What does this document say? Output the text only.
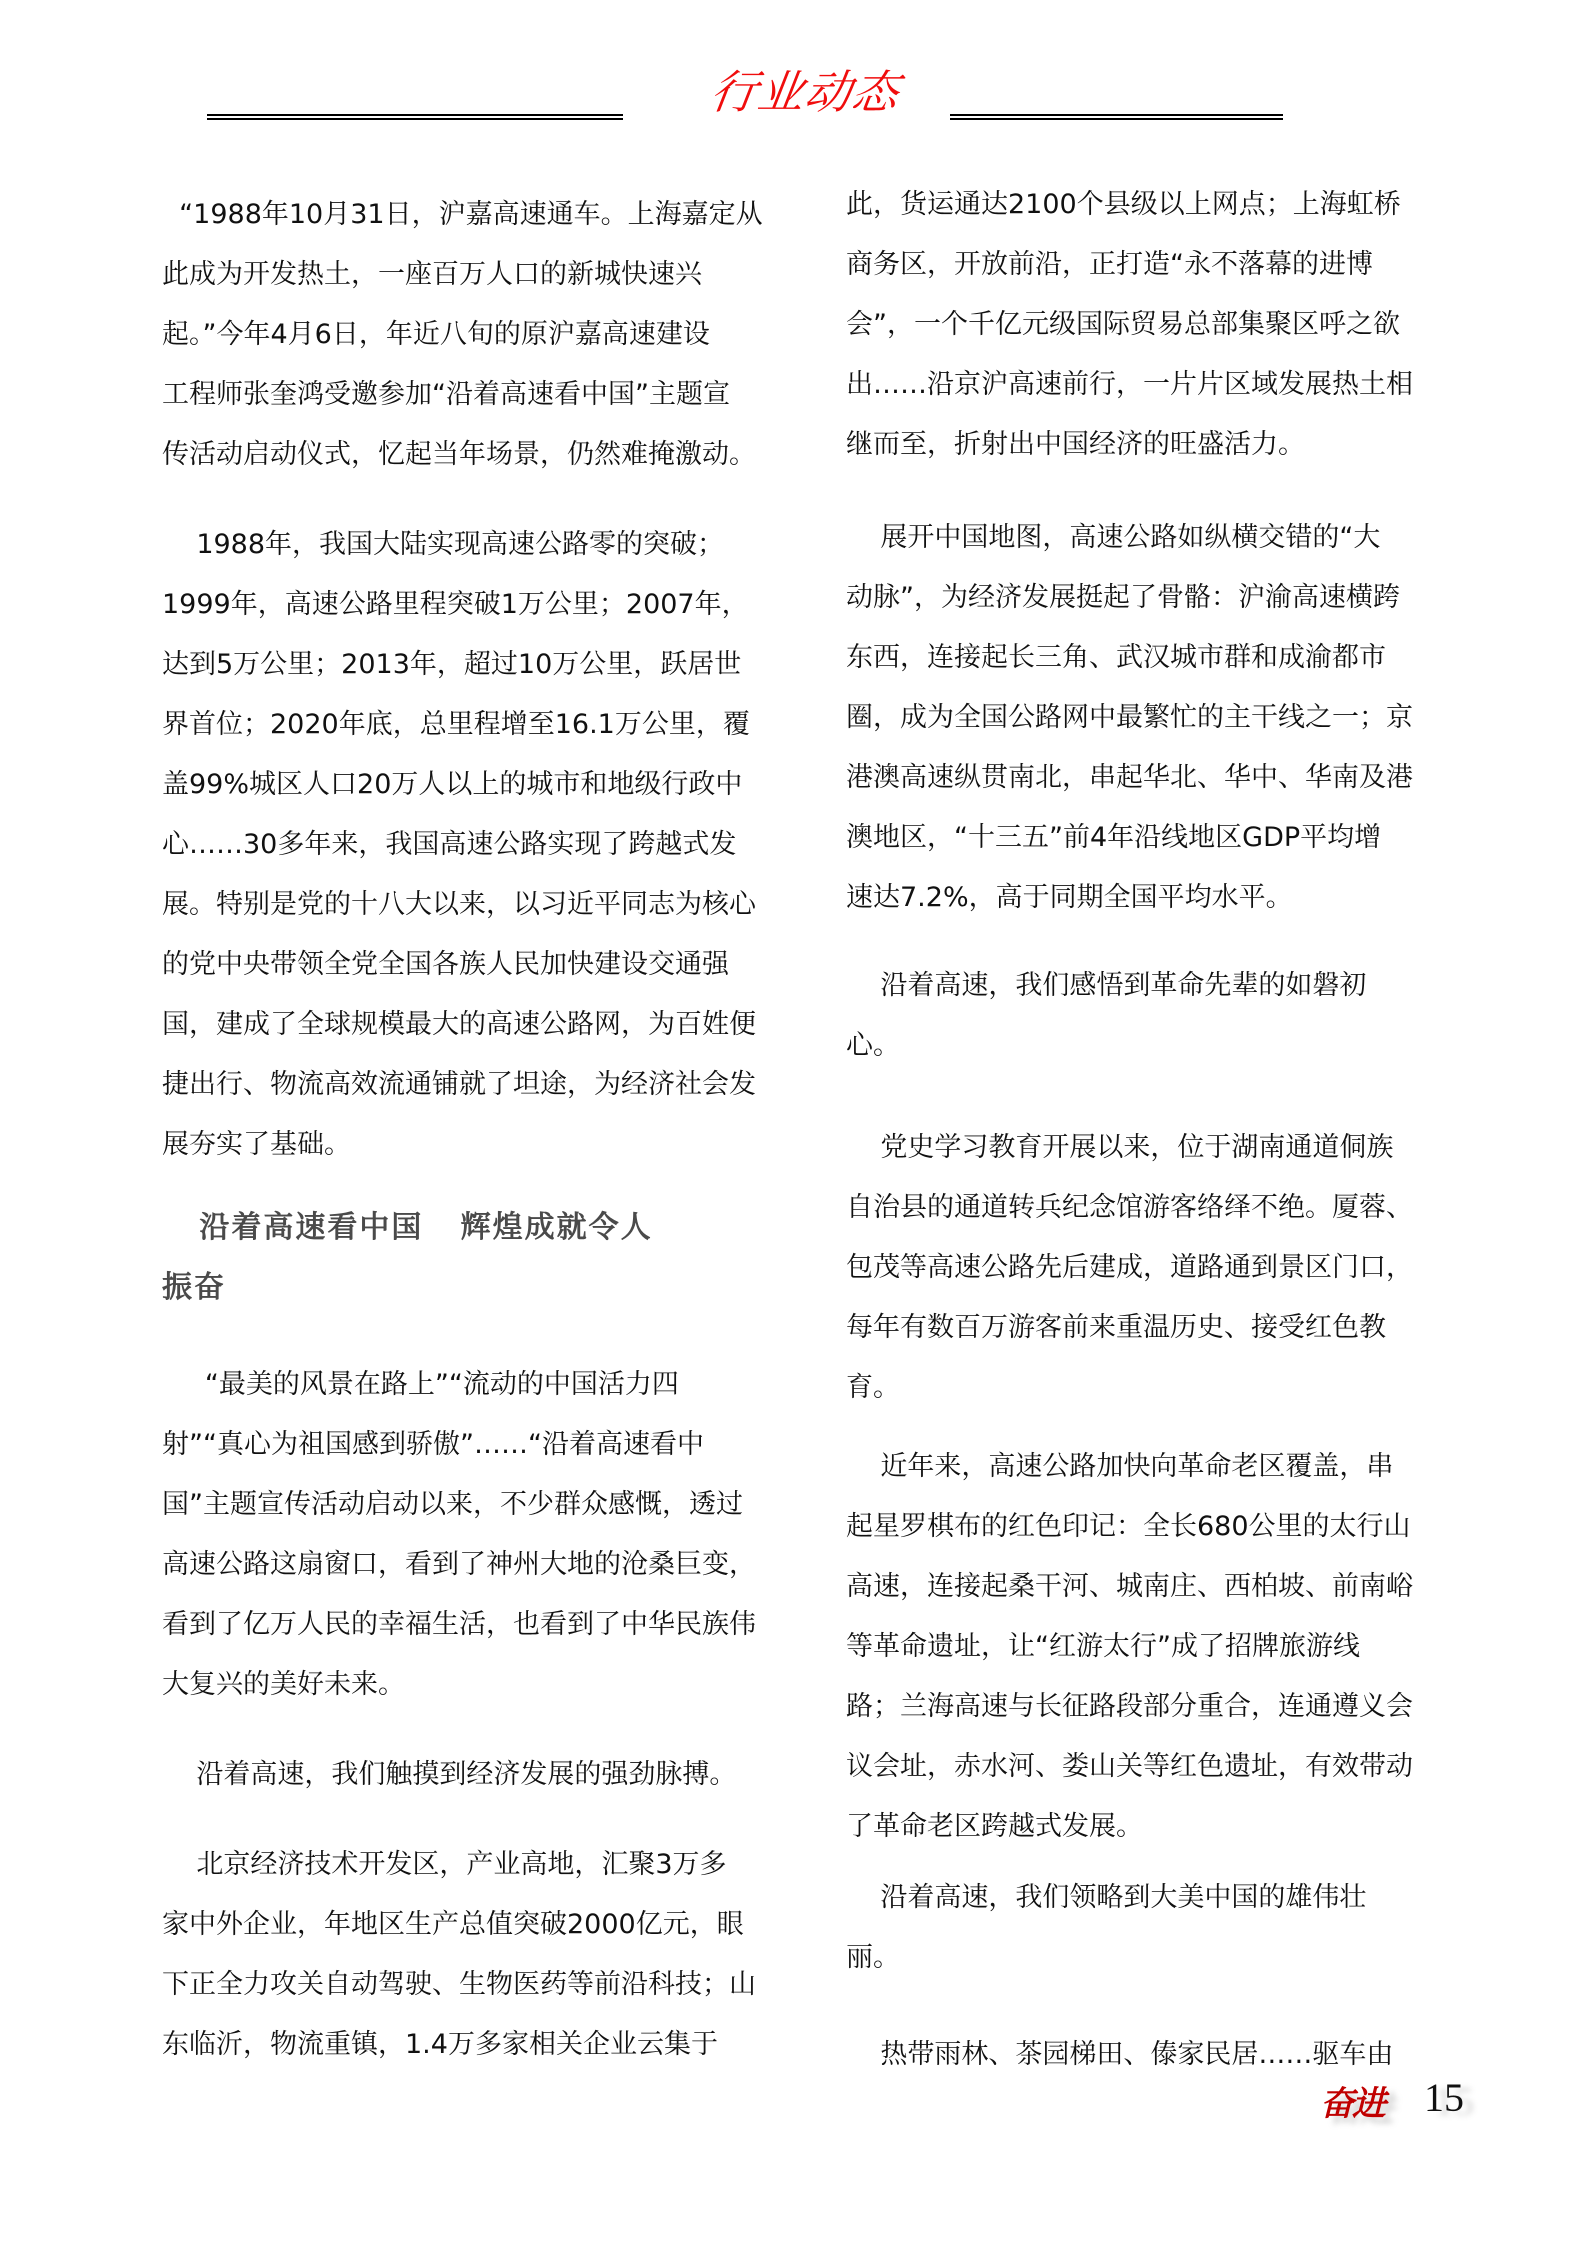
行业动态
“1988年10月31日，沪嘉高速通车。上海嘉定从
此成为开发热土，一座百万人口的新城快速兴
起。”今年4月6日，年近八旬的原沪嘉高速建设
工程师张奎鸿受邀参加“沿着高速看中国”主题宣
传活动启动仪式，忆起当年场景，仍然难掩激动。
1988年，我国大陆实现高速公路零的突破；
1999年，高速公路里程突破1万公里；2007年，
达到5万公里；2013年，超过10万公里，跃居世
界首位；2020年底，总里程增至16.1万公里，覆
盖99%城区人口20万人以上的城市和地级行政中
心……30多年来，我国高速公路实现了跨越式发
展。特别是党的十八大以来，以习近平同志为核心
的党中央带领全党全国各族人民加快建设交通强
国，建成了全球规模最大的高速公路网，为百姓便
捷出行、物流高效流通铺就了坦途，为经济社会发
展夯实了基础。
沿着高速看中国   辉煌成就令人
振奋
“最美的风景在路上”“流动的中国活力四
射”“真心为祖国感到骄傲”……“沿着高速看中
国”主题宣传活动启动以来，不少群众感慨，透过
高速公路这扇窗口，看到了神州大地的沧桑巨变，
看到了亿万人民的幸福生活，也看到了中华民族伟
大复兴的美好未来。
沿着高速，我们触摸到经济发展的强劲脉搏。
北京经济技术开发区，产业高地，汇聚3万多
家中外企业，年地区生产总值突破2000亿元，眼
下正全力攻关自动驾驶、生物医药等前沿科技；山
东临沂，物流重镇，1.4万多家相关企业云集于
此，货运通达2100个县级以上网点；上海虹桥
商务区，开放前沿，正打造“永不落幕的进博
会”，一个千亿元级国际贸易总部集聚区呼之欲
出……沿京沪高速前行，一片片区域发展热土相
继而至，折射出中国经济的旺盛活力。
展开中国地图，高速公路如纵横交错的“大
动脉”，为经济发展挺起了骨骼：沪渝高速横跨
东西，连接起长三角、武汉城市群和成渝都市
圈，成为全国公路网中最繁忙的主干线之一；京
港澳高速纵贯南北，串起华北、华中、华南及港
澳地区，“十三五”前4年沿线地区GDP平均增
速达7.2%，高于同期全国平均水平。
沿着高速，我们感悟到革命先辈的如磐初
心。
党史学习教育开展以来，位于湖南通道侗族
自治县的通道转兵纪念馆游客络绎不绝。厦蓉、
包茂等高速公路先后建成，道路通到景区门口，
每年有数百万游客前来重温历史、接受红色教
育。
近年来，高速公路加快向革命老区覆盖，串
起星罗棋布的红色印记：全长680公里的太行山
高速，连接起桑干河、城南庄、西柏坡、前南峪
等革命遗址，让“红游太行”成了招牌旅游线
路；兰海高速与长征路段部分重合，连通遵义会
议会址，赤水河、娄山关等红色遗址，有效带动
了革命老区跨越式发展。
沿着高速，我们领略到大美中国的雄伟壮
丽。
热带雨林、茶园梯田、傣家民居……驱车由
奋进 15
